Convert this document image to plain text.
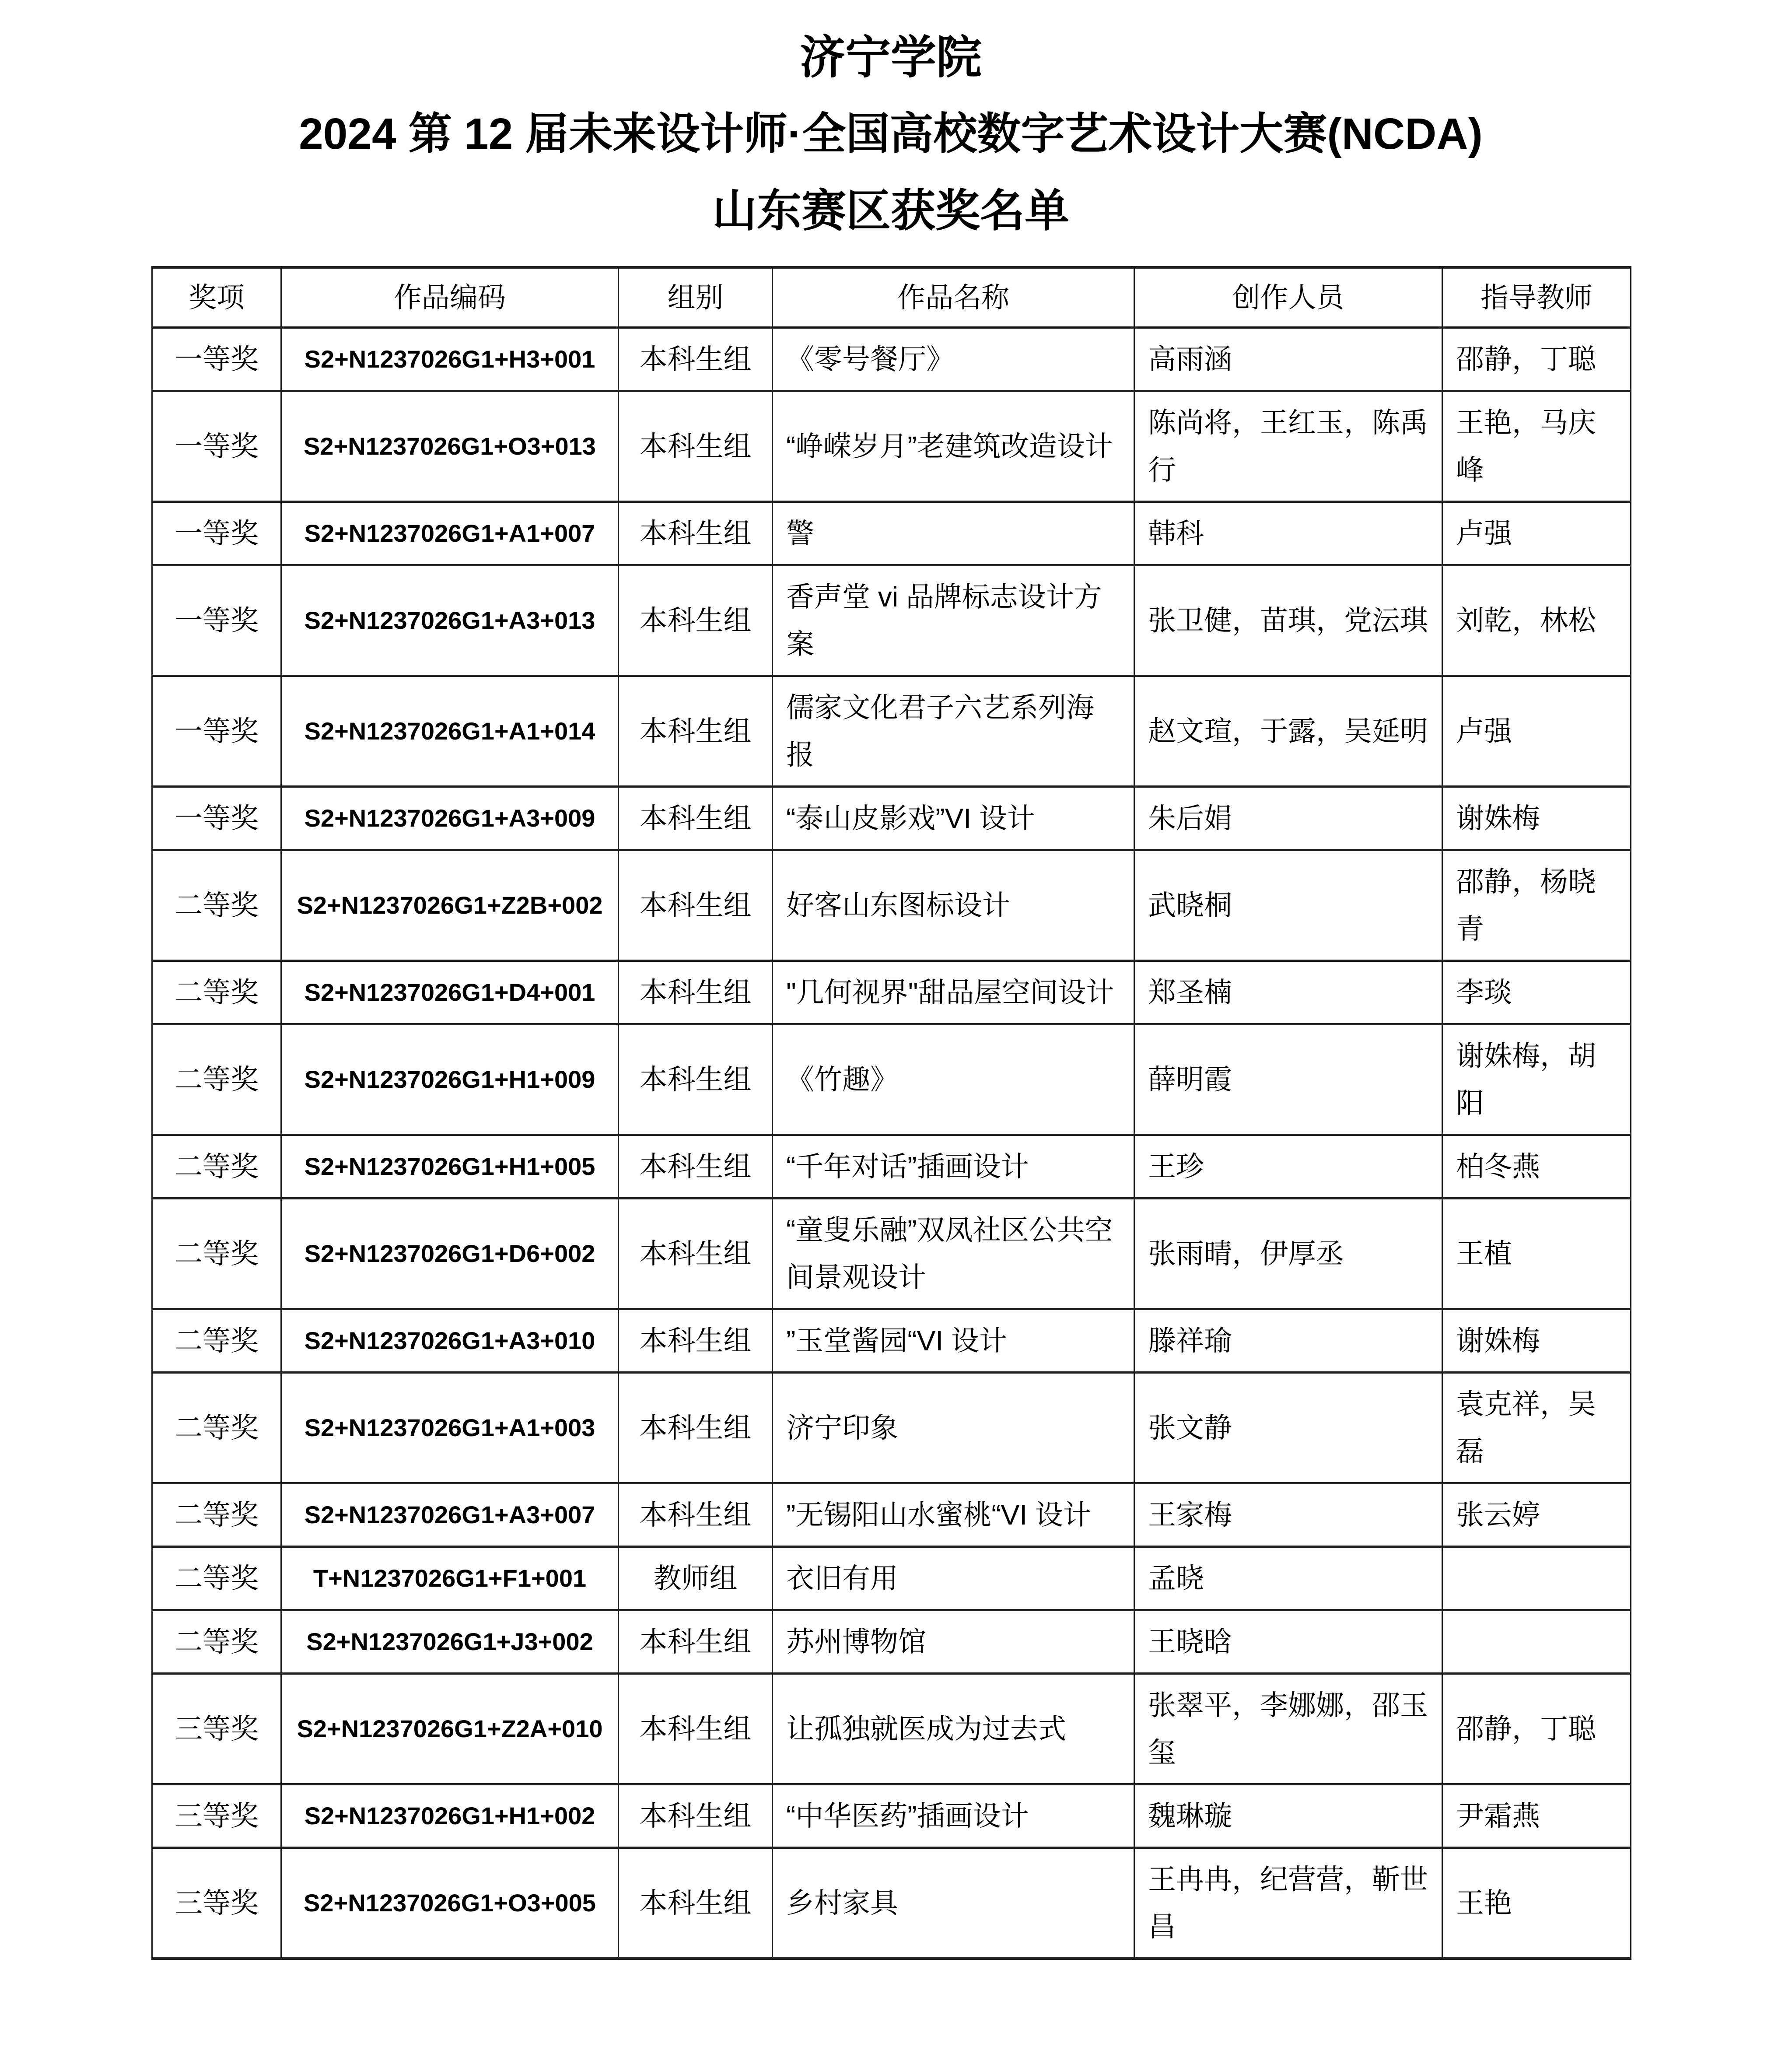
济宁学院
2024 第 12 届未来设计师·全国高校数字艺术设计大赛(NCDA)
山东赛区获奖名单
奖项	作品编码	组别	作品名称	创作人员	指导教师
一等奖	S2+N1237026G1+H3+001	本科生组	《零号餐厅》	高雨涵	邵静，丁聪
一等奖	S2+N1237026G1+O3+013	本科生组	“峥嵘岁月”老建筑改造设计	陈尚将，王红玉，陈禹行	王艳，马庆峰
一等奖	S2+N1237026G1+A1+007	本科生组	警	韩科	卢强
一等奖	S2+N1237026G1+A3+013	本科生组	香声堂 vi 品牌标志设计方案	张卫健，苗琪，党沄琪	刘乾，林松
一等奖	S2+N1237026G1+A1+014	本科生组	儒家文化君子六艺系列海报	赵文瑄，于露，吴延明	卢强
一等奖	S2+N1237026G1+A3+009	本科生组	“泰山皮影戏”VI 设计	朱后娟	谢姝梅
二等奖	S2+N1237026G1+Z2B+002	本科生组	好客山东图标设计	武晓桐	邵静，杨晓青
二等奖	S2+N1237026G1+D4+001	本科生组	"几何视界"甜品屋空间设计	郑圣楠	李琰
二等奖	S2+N1237026G1+H1+009	本科生组	《竹趣》	薛明霞	谢姝梅，胡阳
二等奖	S2+N1237026G1+H1+005	本科生组	“千年对话”插画设计	王珍	柏冬燕
二等奖	S2+N1237026G1+D6+002	本科生组	“童叟乐融”双凤社区公共空间景观设计	张雨晴，伊厚丞	王植
二等奖	S2+N1237026G1+A3+010	本科生组	”玉堂酱园“VI 设计	滕祥瑜	谢姝梅
二等奖	S2+N1237026G1+A1+003	本科生组	济宁印象	张文静	袁克祥，吴磊
二等奖	S2+N1237026G1+A3+007	本科生组	”无锡阳山水蜜桃“VI 设计	王家梅	张云婷
二等奖	T+N1237026G1+F1+001	教师组	衣旧有用	孟晓	
二等奖	S2+N1237026G1+J3+002	本科生组	苏州博物馆	王晓晗	
三等奖	S2+N1237026G1+Z2A+010	本科生组	让孤独就医成为过去式	张翠平，李娜娜，邵玉玺	邵静，丁聪
三等奖	S2+N1237026G1+H1+002	本科生组	“中华医药”插画设计	魏琳璇	尹霜燕
三等奖	S2+N1237026G1+O3+005	本科生组	乡村家具	王冉冉，纪营营，靳世昌	王艳
